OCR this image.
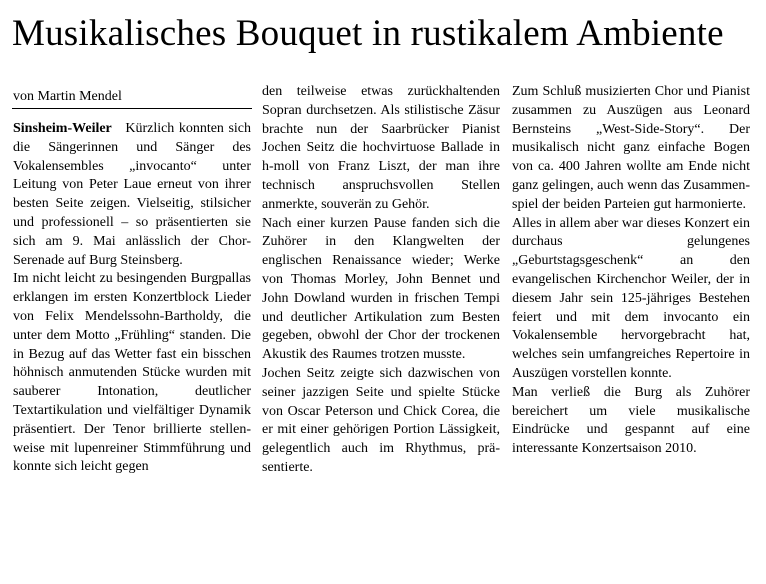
Musikalisches Bouquet in rustikalem Ambiente
von Martin Mendel

Sinsheim-Weiler Kürzlich konnten sich die Sängerinnen und Sänger des Vokalensembles „invocanto“ unter Leitung von Peter Laue erneut von ihrer besten Seite zeigen. Vielseitig, stilsicher und professionell – so präsentierten sie sich am 9. Mai anlässlich der Chor-Serenade auf Burg Steinsberg.

Im nicht leicht zu besingenden Burgpallas erklangen im ersten Konzertblock Lieder von Felix Mendelssohn-Bartholdy, die unter dem Motto „Frühling“ standen. Die in Bezug auf das Wetter fast ein bisschen höhnisch anmutenden Stücke wurden mit sauberer Intonation, deutlicher Textartikulation und vielfältiger Dynamik präsentiert. Der Tenor brillierte stellenweise mit lupenreiner Stimmführung und konnte sich leicht gegen

den teilweise etwas zurückhaltenden Sopran durchsetzen. Als stilistische Zäsur brachte nun der Saarbrücker Pianist Jochen Seitz die hochvirtuose Ballade in h-moll von Franz Liszt, der man ihre technisch anspruchsvollen Stellen anmerkte, souverän zu Gehör.

Nach einer kurzen Pause fanden sich die Zuhörer in den Klangwelten der englischen Renaissance wieder; Werke von Thomas Morley, John Bennet und John Dowland wurden in frischen Tempi und deutlicher Artikulation zum Besten gegeben, obwohl der Chor der trockenen Akustik des Raumes trotzen musste.

Jochen Seitz zeigte sich dazwischen von seiner jazzigen Seite und spielte Stücke von Oscar Peterson und Chick Corea, die er mit einer gehörigen Portion Lässigkeit, gelegentlich auch im Rhythmus, präsentierte.

Zum Schluß musizierten Chor und Pianist zusammen zu Auszügen aus Leonard Bernsteins „West-Side-Story“. Der musikalisch nicht ganz einfache Bogen von ca. 400 Jahren wollte am Ende nicht ganz gelingen, auch wenn das Zusammenspiel der beiden Parteien gut harmonierte.

Alles in allem aber war dieses Konzert ein durchaus gelungenes „Geburtstagsgeschenk“ an den evangelischen Kirchenchor Weiler, der in diesem Jahr sein 125-jähriges Bestehen feiert und mit dem invocanto ein Vokalensemble hervorgebracht hat, welches sein umfangreiches Repertoire in Auszügen vorstellen konnte.

Man verließ die Burg als Zuhörer bereichert um viele musikalische Eindrücke und gespannt auf eine interessante Konzertsaison 2010.
